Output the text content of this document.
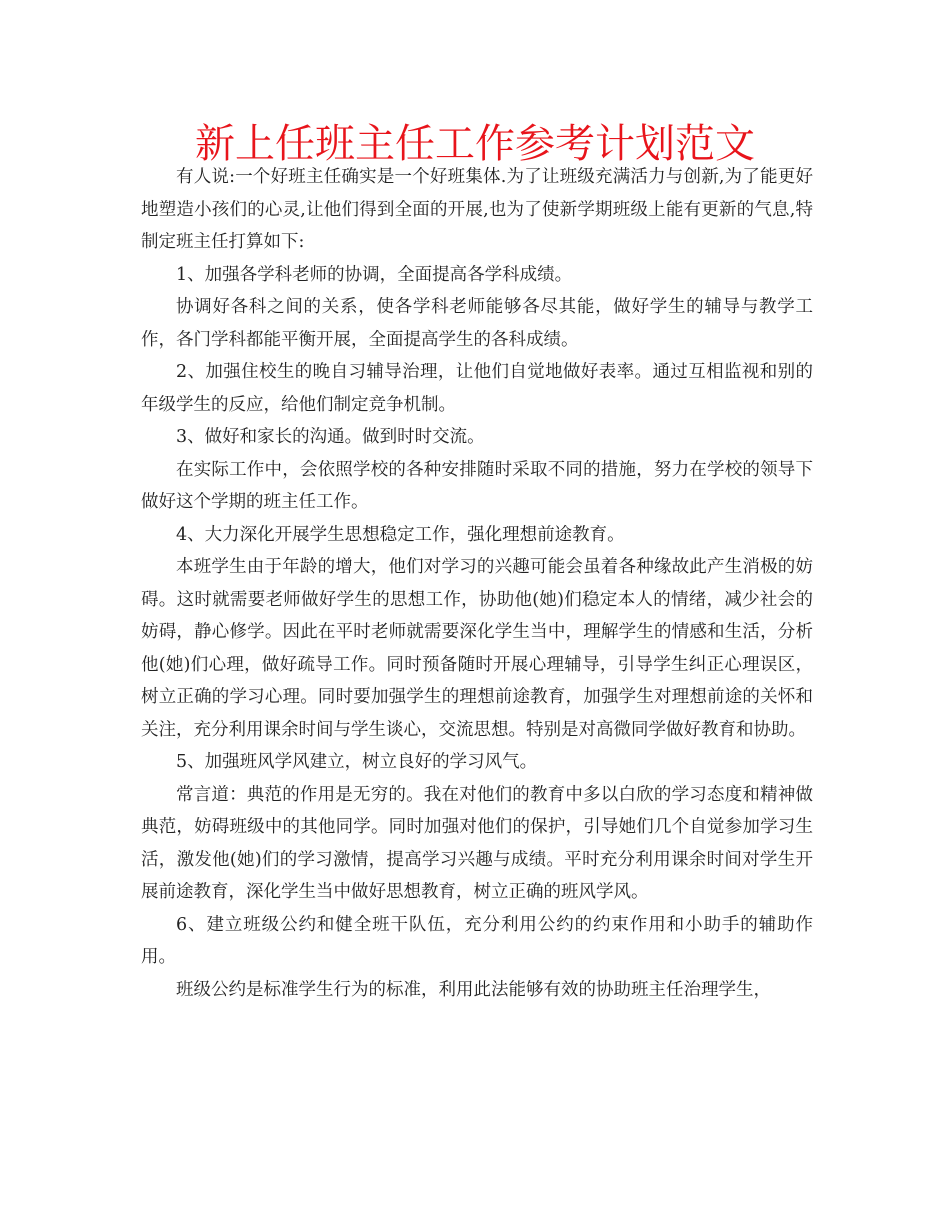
新上任班主任工作参考计划范文

有人说:一个好班主任确实是一个好班集体.为了让班级充满活力与创新,为了能更好地塑造小孩们的心灵,让他们得到全面的开展,也为了使新学期班级上能有更新的气息,特制定班主任打算如下:

1、加强各学科老师的协调，全面提高各学科成绩。

协调好各科之间的关系，使各学科老师能够各尽其能，做好学生的辅导与教学工作，各门学科都能平衡开展，全面提高学生的各科成绩。

2、加强住校生的晚自习辅导治理，让他们自觉地做好表率。通过互相监视和别的年级学生的反应，给他们制定竞争机制。

3、做好和家长的沟通。做到时时交流。

在实际工作中，会依照学校的各种安排随时采取不同的措施，努力在学校的领导下做好这个学期的班主任工作。

4、大力深化开展学生思想稳定工作，强化理想前途教育。

本班学生由于年龄的增大，他们对学习的兴趣可能会虽着各种缘故此产生消极的妨碍。这时就需要老师做好学生的思想工作，协助他(她)们稳定本人的情绪，减少社会的妨碍，静心修学。因此在平时老师就需要深化学生当中，理解学生的情感和生活，分析他(她)们心理，做好疏导工作。同时预备随时开展心理辅导，引导学生纠正心理误区，树立正确的学习心理。同时要加强学生的理想前途教育，加强学生对理想前途的关怀和关注，充分利用课余时间与学生谈心，交流思想。特别是对高微同学做好教育和协助。

5、加强班风学风建立，树立良好的学习风气。

常言道：典范的作用是无穷的。我在对他们的教育中多以白欣的学习态度和精神做典范，妨碍班级中的其他同学。同时加强对他们的保护，引导她们几个自觉参加学习生活，激发他(她)们的学习激情，提高学习兴趣与成绩。平时充分利用课余时间对学生开展前途教育，深化学生当中做好思想教育，树立正确的班风学风。

6、建立班级公约和健全班干队伍，充分利用公约的约束作用和小助手的辅助作用。

班级公约是标准学生行为的标准，利用此法能够有效的协助班主任治理学生，
